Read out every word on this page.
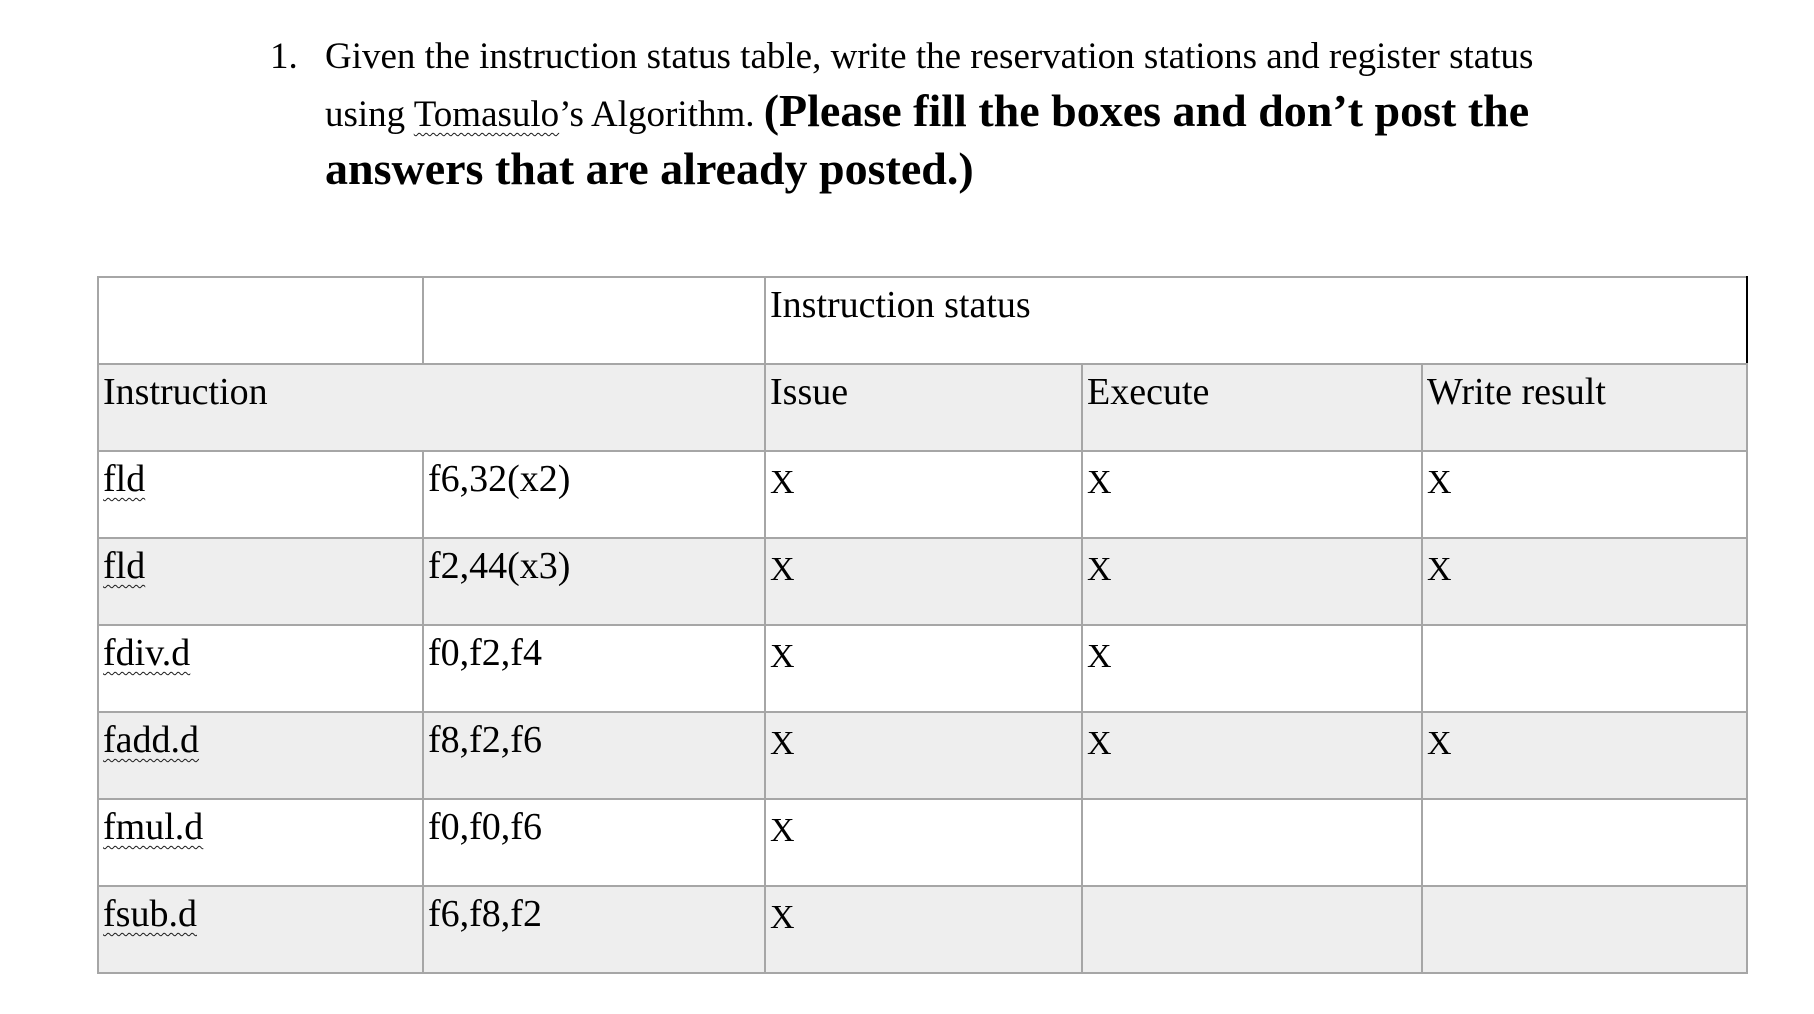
1. Given the instruction status table, write the reservation stations and register status
using Tomasulo’s Algorithm. (Please fill the boxes and don’t post the
answers that are already posted.)

		Instruction status		

Instruction		Issue	Execute	Write result

fld	f6,32(x2)	X	X	X

fld	f2,44(x3)	X	X	X

fdiv.d	f0,f2,f4	X	X	

fadd.d	f8,f2,f6	X	X	X

fmul.d	f0,f0,f6	X		

fsub.d	f6,f8,f2	X		
